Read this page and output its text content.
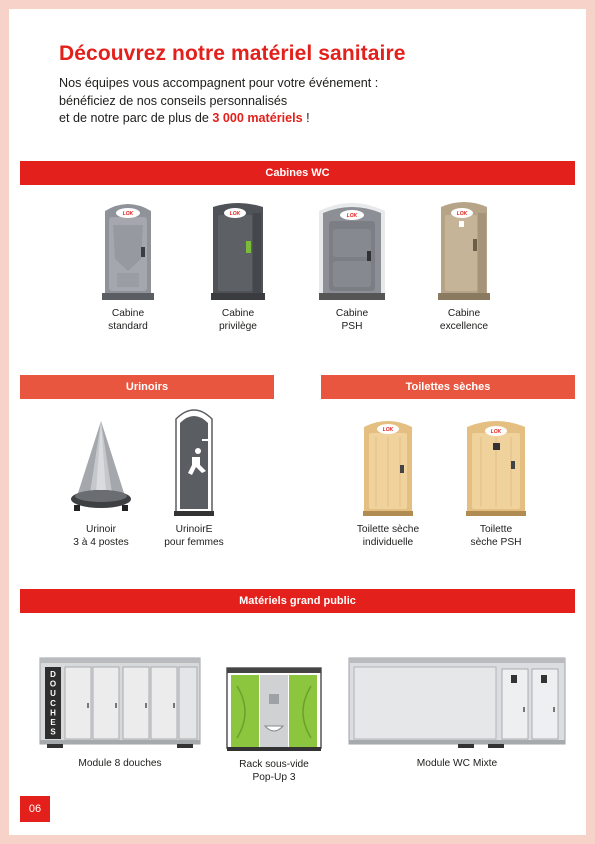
Découvrez notre matériel sanitaire
Nos équipes vous accompagnent pour votre événement :
bénéficiez de nos conseils personnalisés
et de notre parc de plus de 3 000 matériels !
Cabines WC
LOK
Cabine
standard
LOK
Cabine
privilège
LOK
Cabine
PSH
LOK
Cabine
excellence
Urinoirs	Toilettes sèches
Urinoir
3 à 4 postes
UrinoirE
pour femmes
LOK
Toilette sèche
individuelle
LOK
Toilette
sèche PSH
Matériels grand public
D
O
U
C
H
E
S
Module 8 douches	Rack sous-vide
Pop-Up 3
Module WC Mixte
06
